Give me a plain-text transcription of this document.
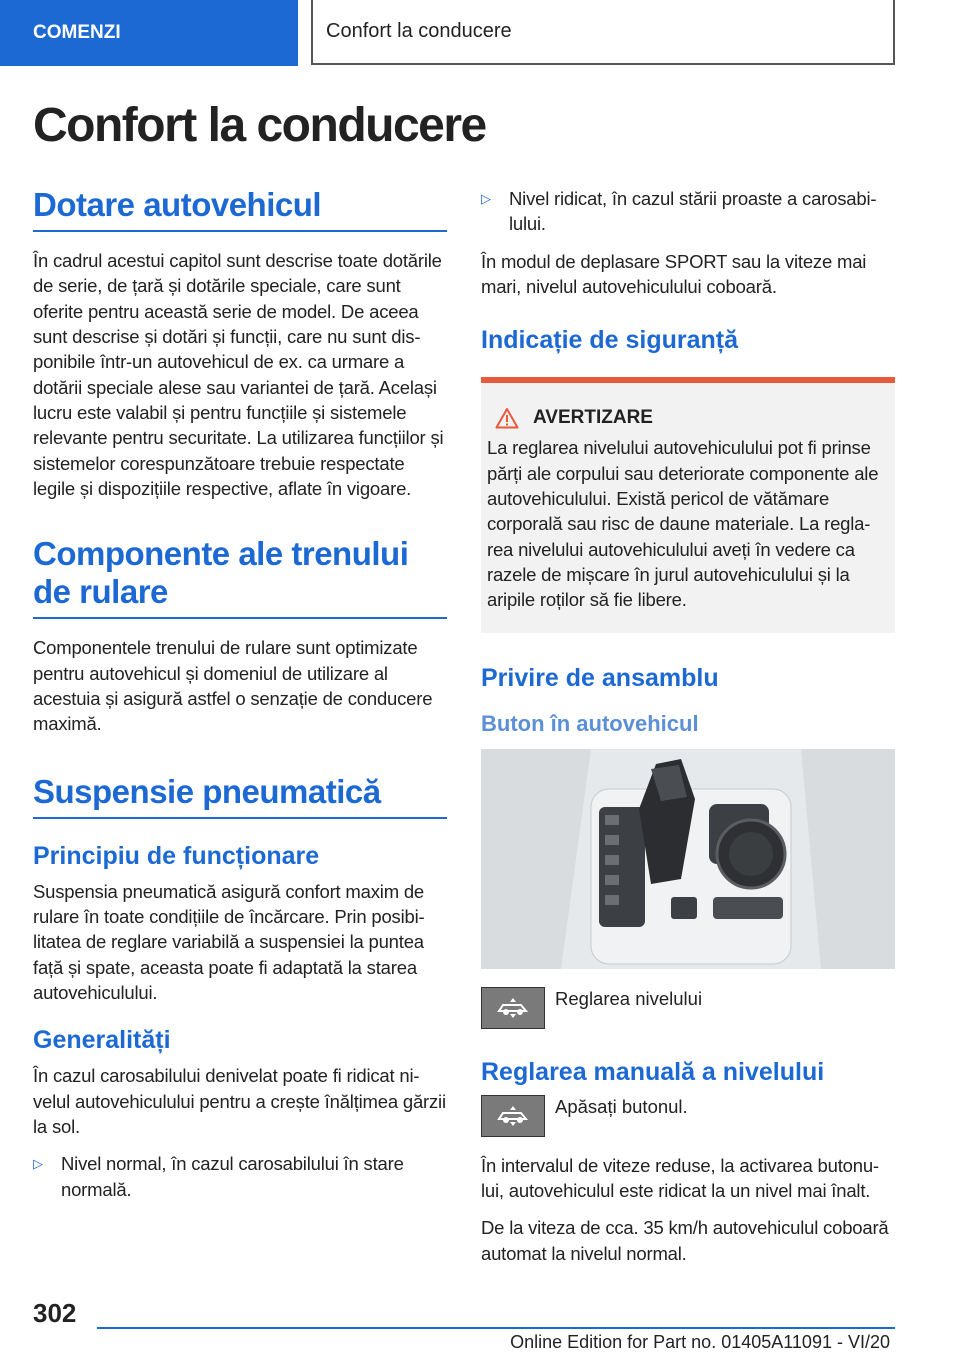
COMENZI	Confort la conducere
Confort la conducere
Dotare autovehicul

În cadrul acestui capitol sunt descrise toate dotările de serie, de țară și dotările speciale, care sunt oferite pentru această serie de model. De aceea sunt descrise și dotări și funcții, care nu sunt disponibile într-un autovehicul de ex. ca urmare a dotării speciale alese sau variantei de țară. Același lucru este valabil și pentru funcțiile și sistemele relevante pentru securitate. La utilizarea funcțiilor și sistemelor corespunzătoare trebuie respectate legile și dispozițiile respective, aflate în vigoare.

Componente ale trenului de rulare

Componentele trenului de rulare sunt optimizate pentru autovehicul și domeniul de utilizare al acestuia și asigură astfel o senzație de conducere maximă.

Suspensie pneumatică
Principiu de funcționare

Suspensia pneumatică asigură confort maxim de rulare în toate condițiile de încărcare. Prin posibilitatea de reglare variabilă a suspensiei la puntea față și spate, aceasta poate fi adaptată la starea autovehiculului.

Generalități

În cazul carosabilului denivelat poate fi ridicat nivelul autovehiculului pentru a crește înălțimea gărzii la sol.

▷ Nivel normal, în cazul carosabilului în stare normală.
▷ Nivel ridicat, în cazul stării proaste a carosabilului.

În modul de deplasare SPORT sau la viteze mai mari, nivelul autovehiculului coboară.

Indicație de siguranță
AVERTIZARE

La reglarea nivelului autovehiculului pot fi prinse părți ale corpului sau deteriorate componente ale autovehiculului. Există pericol de vătămare corporală sau risc de daune materiale. La reglarea nivelului autovehiculului aveți în vedere ca razele de mișcare în jurul autovehiculului și la aripile roților să fie libere.

Privire de ansamblu
Buton în autovehicul
Reglarea nivelului
Reglarea manuală a nivelului
Apăsați butonul.

În intervalul de viteze reduse, la activarea butonului, autovehiculul este ridicat la un nivel mai înalt.

De la viteza de cca. 35 km/h autovehiculul coboară automat la nivelul normal.

302
Online Edition for Part no. 01405A11091 - VI/20
